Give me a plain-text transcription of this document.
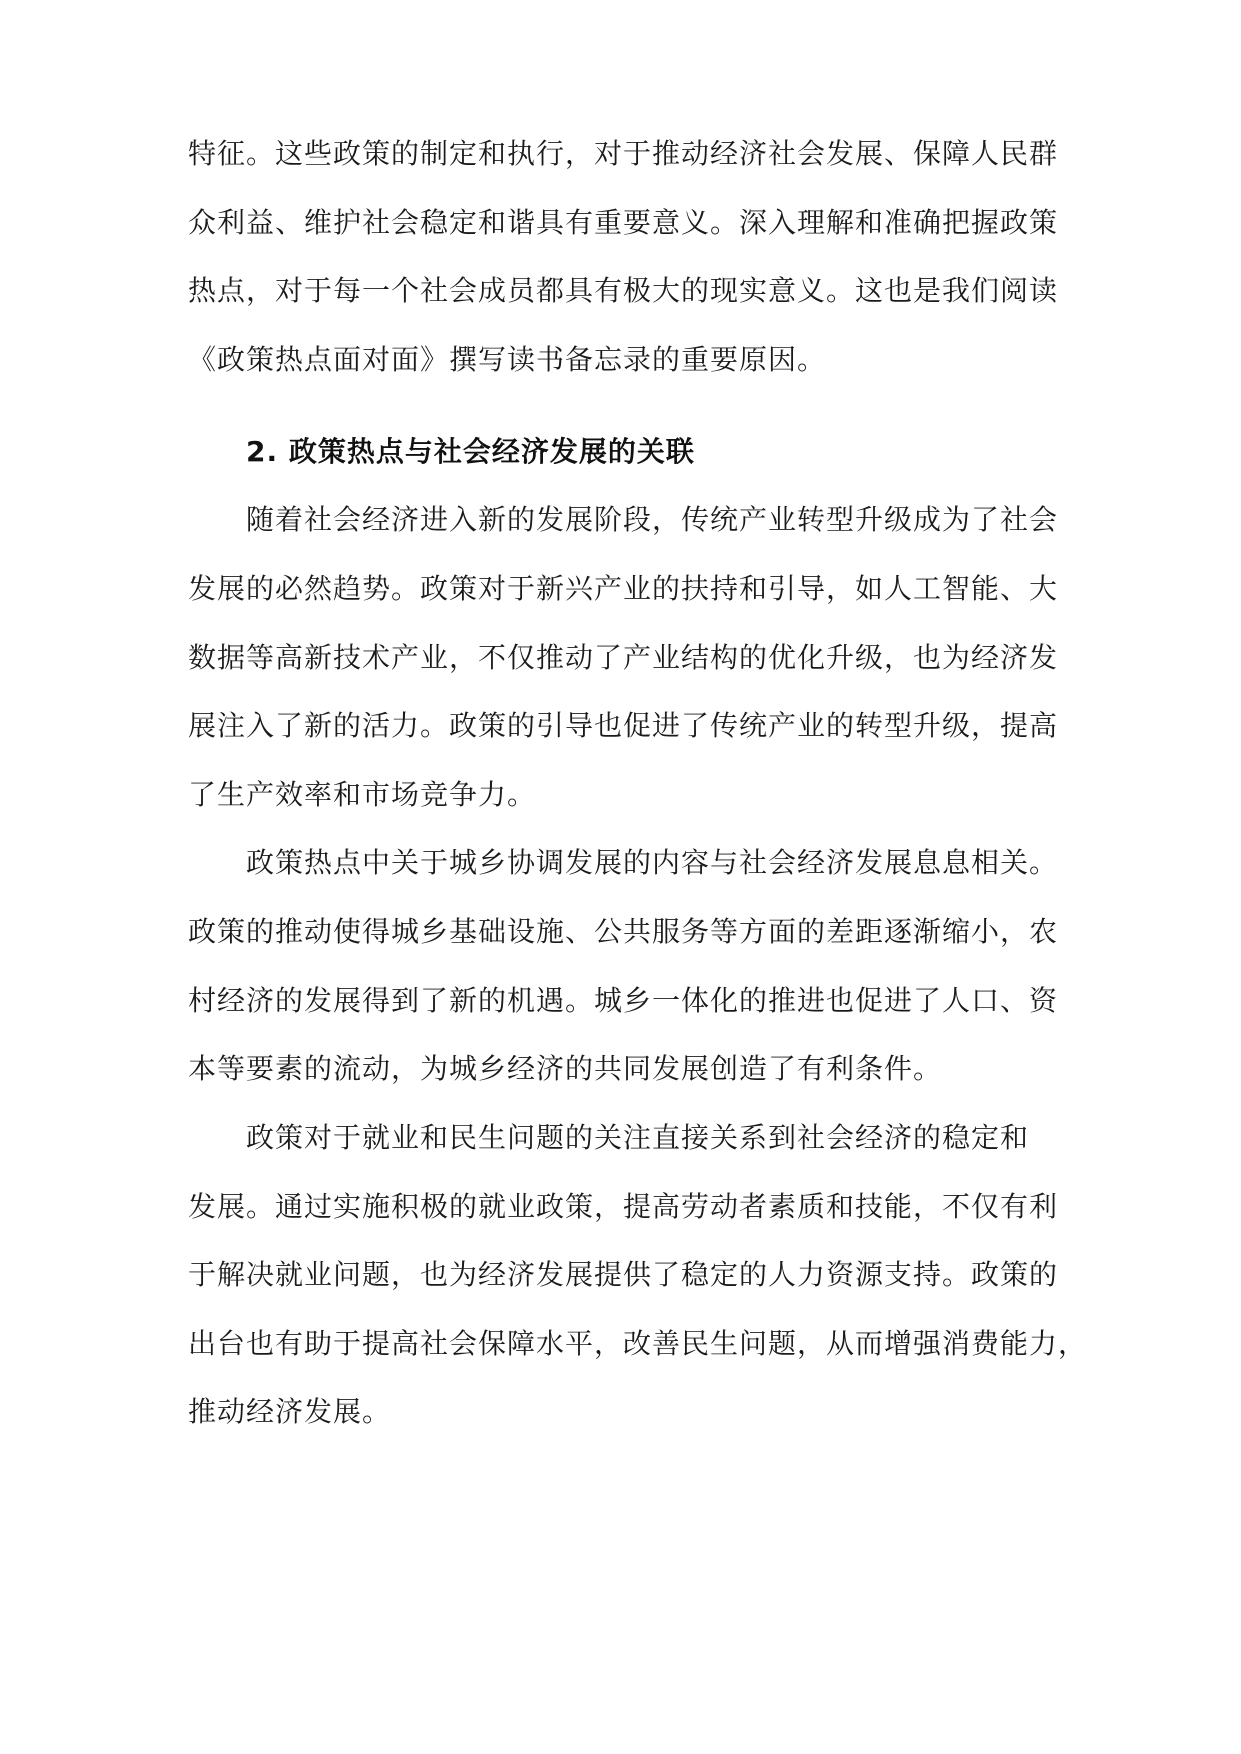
特征。这些政策的制定和执行，对于推动经济社会发展、保障人民群
众利益、维护社会稳定和谐具有重要意义。深入理解和准确把握政策
热点，对于每一个社会成员都具有极大的现实意义。这也是我们阅读
《政策热点面对面》撰写读书备忘录的重要原因。
2. 政策热点与社会经济发展的关联
随着社会经济进入新的发展阶段，传统产业转型升级成为了社会
发展的必然趋势。政策对于新兴产业的扶持和引导，如人工智能、大
数据等高新技术产业，不仅推动了产业结构的优化升级，也为经济发
展注入了新的活力。政策的引导也促进了传统产业的转型升级，提高
了生产效率和市场竞争力。
政策热点中关于城乡协调发展的内容与社会经济发展息息相关。
政策的推动使得城乡基础设施、公共服务等方面的差距逐渐缩小，农
村经济的发展得到了新的机遇。城乡一体化的推进也促进了人口、资
本等要素的流动，为城乡经济的共同发展创造了有利条件。
政策对于就业和民生问题的关注直接关系到社会经济的稳定和
发展。通过实施积极的就业政策，提高劳动者素质和技能，不仅有利
于解决就业问题，也为经济发展提供了稳定的人力资源支持。政策的
出台也有助于提高社会保障水平，改善民生问题，从而增强消费能力，
推动经济发展。
